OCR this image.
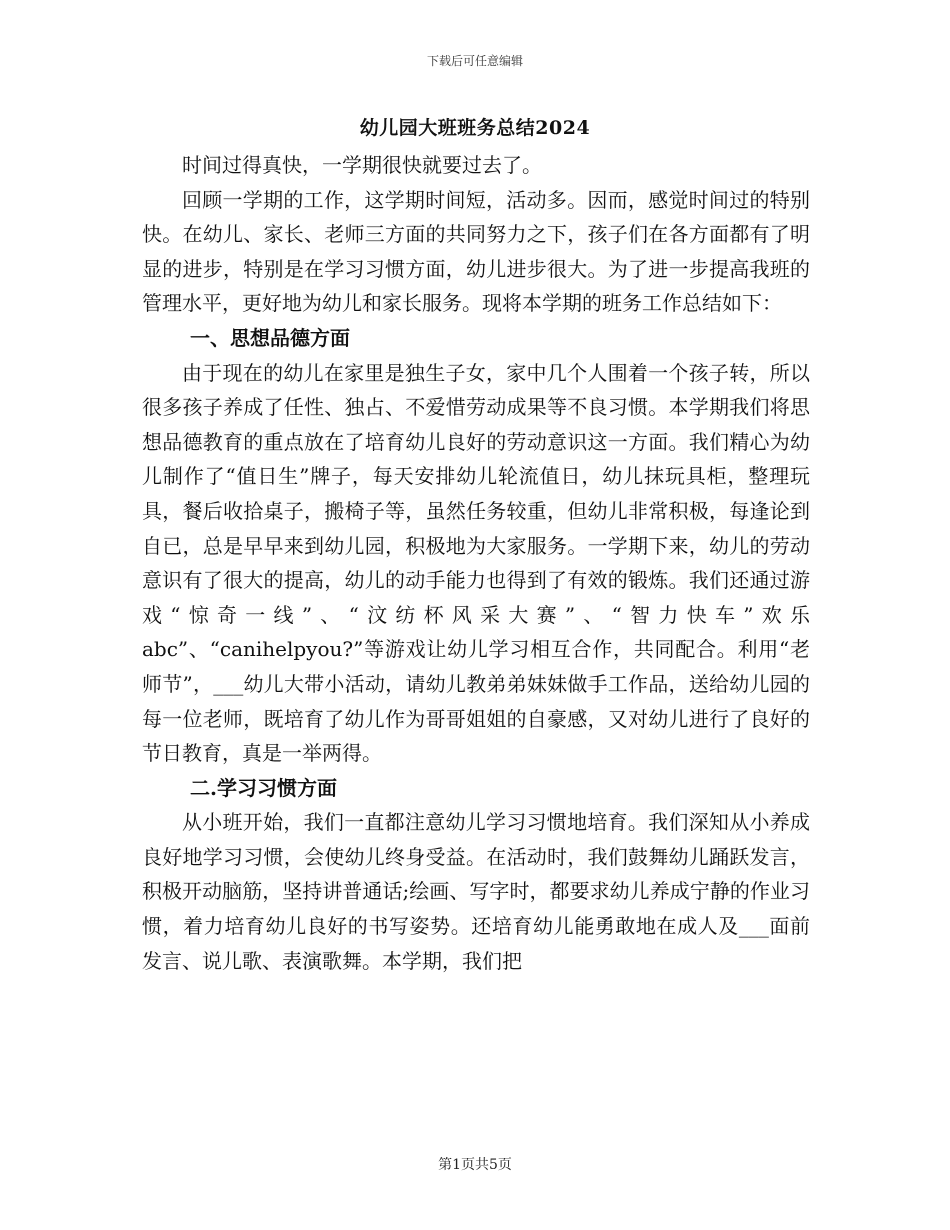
下载后可任意编辑
幼儿园大班班务总结2024

时间过得真快，一学期很快就要过去了。

回顾一学期的工作，这学期时间短，活动多。因而，感觉时间过的特别快。在幼儿、家长、老师三方面的共同努力之下，孩子们在各方面都有了明显的进步，特别是在学习习惯方面，幼儿进步很大。为了进一步提高我班的管理水平，更好地为幼儿和家长服务。现将本学期的班务工作总结如下：

一、思想品德方面

由于现在的幼儿在家里是独生子女，家中几个人围着一个孩子转，所以很多孩子养成了任性、独占、不爱惜劳动成果等不良习惯。本学期我们将思想品德教育的重点放在了培育幼儿良好的劳动意识这一方面。我们精心为幼儿制作了“值日生”牌子，每天安排幼儿轮流值日，幼儿抹玩具柜，整理玩具，餐后收拾桌子，搬椅子等，虽然任务较重，但幼儿非常积极，每逢论到自已，总是早早来到幼儿园，积极地为大家服务。一学期下来，幼儿的劳动意识有了很大的提高，幼儿的动手能力也得到了有效的锻炼。我们还通过游戏“惊奇一线”、“汶纺杯风采大赛”、“智力快车”欢乐abc”、“canihelpyou?”等游戏让幼儿学习相互合作，共同配合。利用“老师节”，___幼儿大带小活动，请幼儿教弟弟妹妹做手工作品，送给幼儿园的每一位老师，既培育了幼儿作为哥哥姐姐的自豪感，又对幼儿进行了良好的节日教育，真是一举两得。

二.学习习惯方面

从小班开始，我们一直都注意幼儿学习习惯地培育。我们深知从小养成良好地学习习惯，会使幼儿终身受益。在活动时，我们鼓舞幼儿踊跃发言，积极开动脑筋，坚持讲普通话;绘画、写字时，都要求幼儿养成宁静的作业习惯，着力培育幼儿良好的书写姿势。还培育幼儿能勇敢地在成人及___面前发言、说儿歌、表演歌舞。本学期，我们把

第1页共5页
